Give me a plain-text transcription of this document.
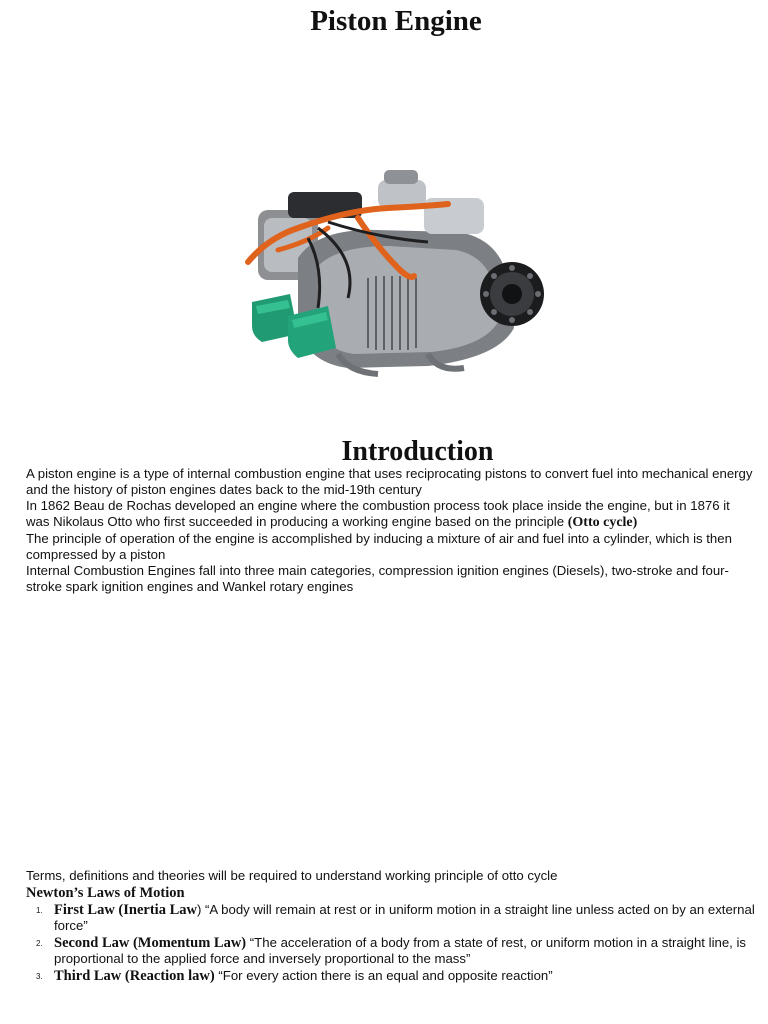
Piston Engine
Introduction

A piston engine is a type of internal combustion engine that uses reciprocating pistons to convert fuel into mechanical energy and the history of piston engines dates back to the mid-19th century

In 1862 Beau de Rochas developed an engine where the combustion process took place inside the engine, but in 1876 it was Nikolaus Otto who first succeeded in producing a working engine based on the principle (Otto cycle)

The principle of operation of the engine is accomplished by inducing a mixture of air and fuel into a cylinder, which is then compressed by a piston

Internal Combustion Engines fall into three main categories, compression ignition engines (Diesels), two-stroke and four-stroke spark ignition engines and Wankel rotary engines

Terms, definitions and theories will be required to understand working principle of otto cycle

Newton’s Laws of Motion
1. First Law (Inertia Law) “A body will remain at rest or in uniform motion in a straight line unless acted on by an external force”
2. Second Law (Momentum Law) “The acceleration of a body from a state of rest, or uniform motion in a straight line, is proportional to the applied force and inversely proportional to the mass”
3. Third Law (Reaction law) “For every action there is an equal and opposite reaction”
